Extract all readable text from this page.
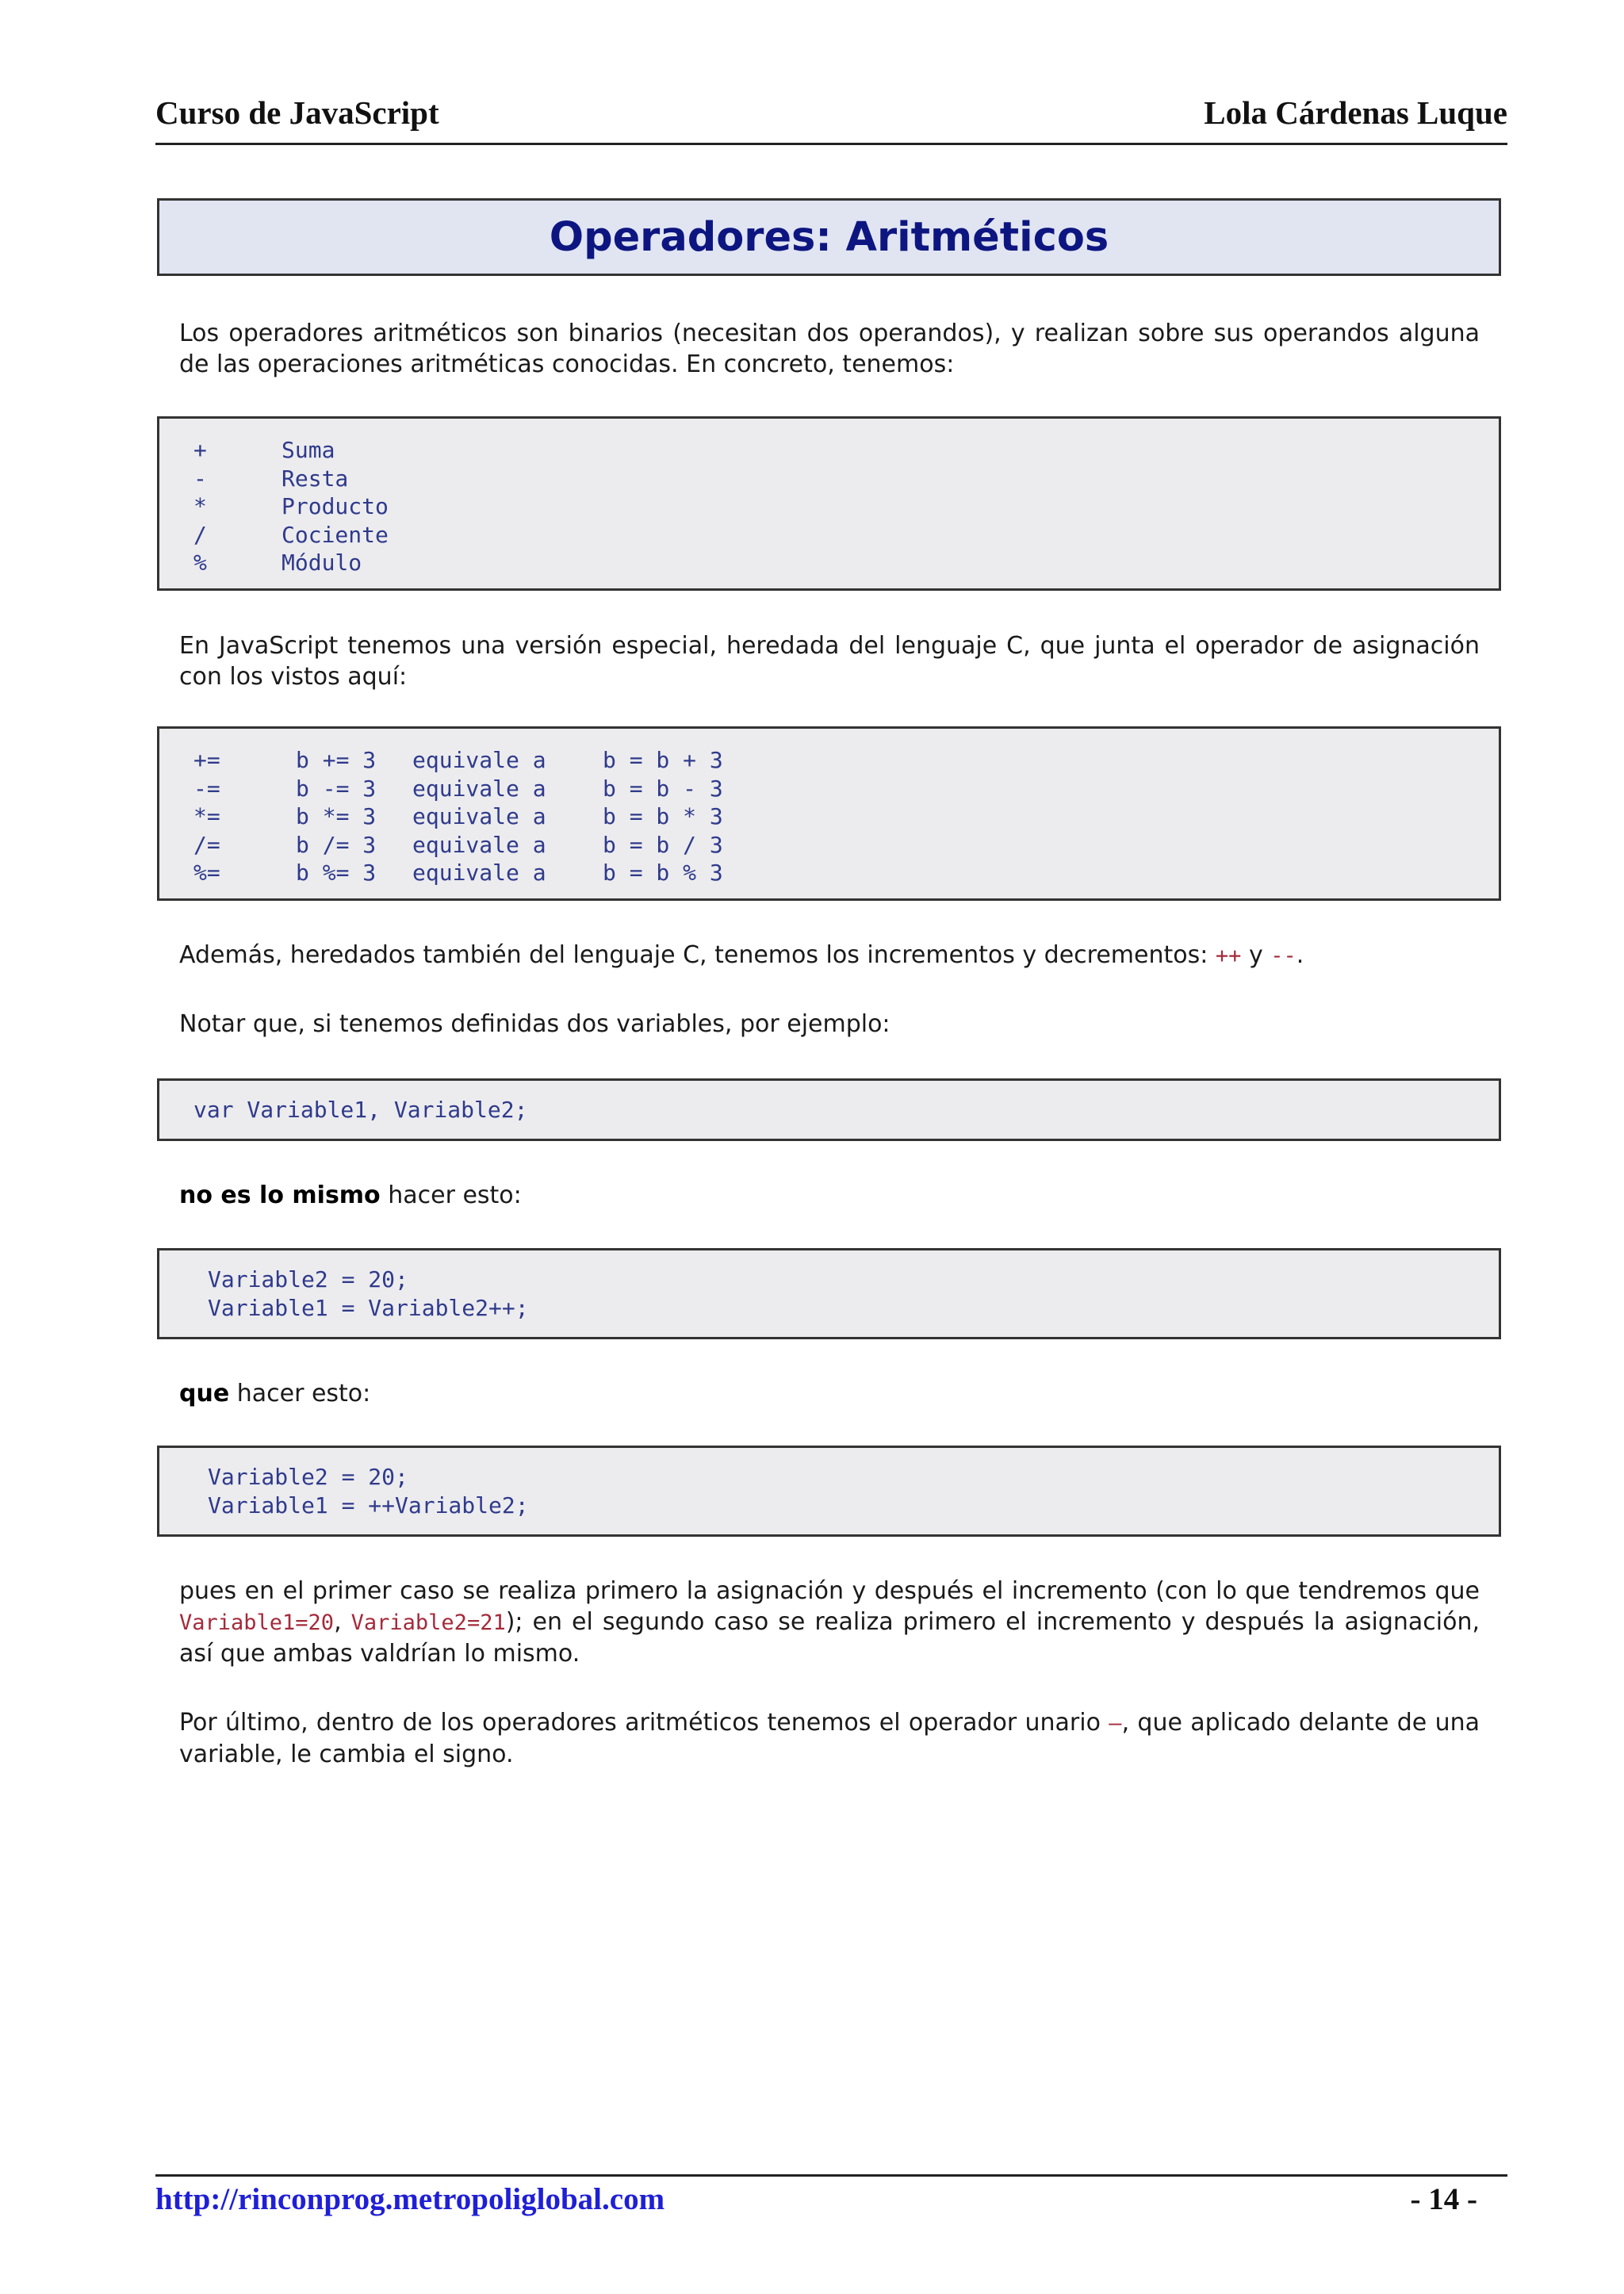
Curso de JavaScript	Lola Cárdenas Luque
Operadores: Aritméticos

Los operadores aritméticos son binarios (necesitan dos operandos), y realizan sobre sus operandos alguna de las operaciones aritméticas conocidas. En concreto, tenemos:

+	Suma
-	Resta
*	Producto
/	Cociente
%	Módulo

En JavaScript tenemos una versión especial, heredada del lenguaje C, que junta el operador de asignación con los vistos aquí:

+=	b += 3 equivale a	b = b + 3
-=	b -= 3 equivale a	b = b - 3
*=	b *= 3 equivale a	b = b * 3
/=	b /= 3 equivale a	b = b / 3
%=	b %= 3 equivale a	b = b % 3

Además, heredados también del lenguaje C, tenemos los incrementos y decrementos: ++ y --.

Notar que, si tenemos definidas dos variables, por ejemplo:

var Variable1, Variable2;

no es lo mismo hacer esto:

Variable2 = 20;
Variable1 = Variable2++;

que hacer esto:

Variable2 = 20;
Variable1 = ++Variable2;

pues en el primer caso se realiza primero la asignación y después el incremento (con lo que tendremos que Variable1=20, Variable2=21); en el segundo caso se realiza primero el incremento y después la asignación, así que ambas valdrían lo mismo.

Por último, dentro de los operadores aritméticos tenemos el operador unario –, que aplicado delante de una variable, le cambia el signo.

http://rinconprog.metropoliglobal.com	- 14 -
